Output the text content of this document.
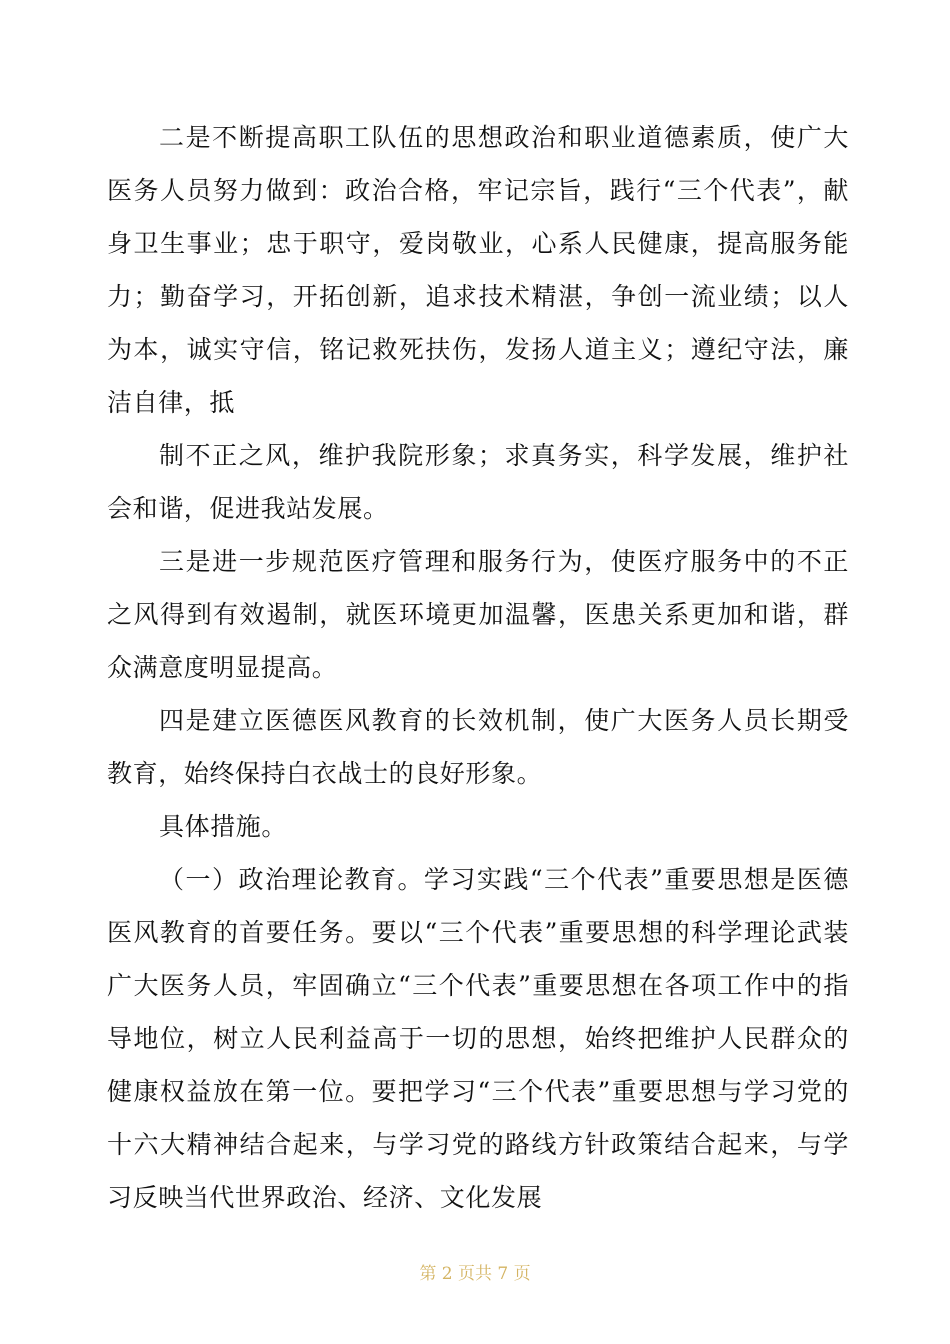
二是不断提高职工队伍的思想政治和职业道德素质，使广大医务人员努力做到：政治合格，牢记宗旨，践行“三个代表”，献身卫生事业；忠于职守，爱岗敬业，心系人民健康，提高服务能力；勤奋学习，开拓创新，追求技术精湛，争创一流业绩；以人为本，诚实守信，铭记救死扶伤，发扬人道主义；遵纪守法，廉洁自律，抵

制不正之风，维护我院形象；求真务实，科学发展，维护社会和谐，促进我站发展。

三是进一步规范医疗管理和服务行为，使医疗服务中的不正之风得到有效遏制，就医环境更加温馨，医患关系更加和谐，群众满意度明显提高。

四是建立医德医风教育的长效机制，使广大医务人员长期受教育，始终保持白衣战士的良好形象。

具体措施。

（一）政治理论教育。学习实践“三个代表”重要思想是医德医风教育的首要任务。要以“三个代表”重要思想的科学理论武装广大医务人员，牢固确立“三个代表”重要思想在各项工作中的指导地位，树立人民利益高于一切的思想，始终把维护人民群众的健康权益放在第一位。要把学习“三个代表”重要思想与学习党的十六大精神结合起来，与学习党的路线方针政策结合起来，与学习反映当代世界政治、经济、文化发展

第 2 页共 7 页
